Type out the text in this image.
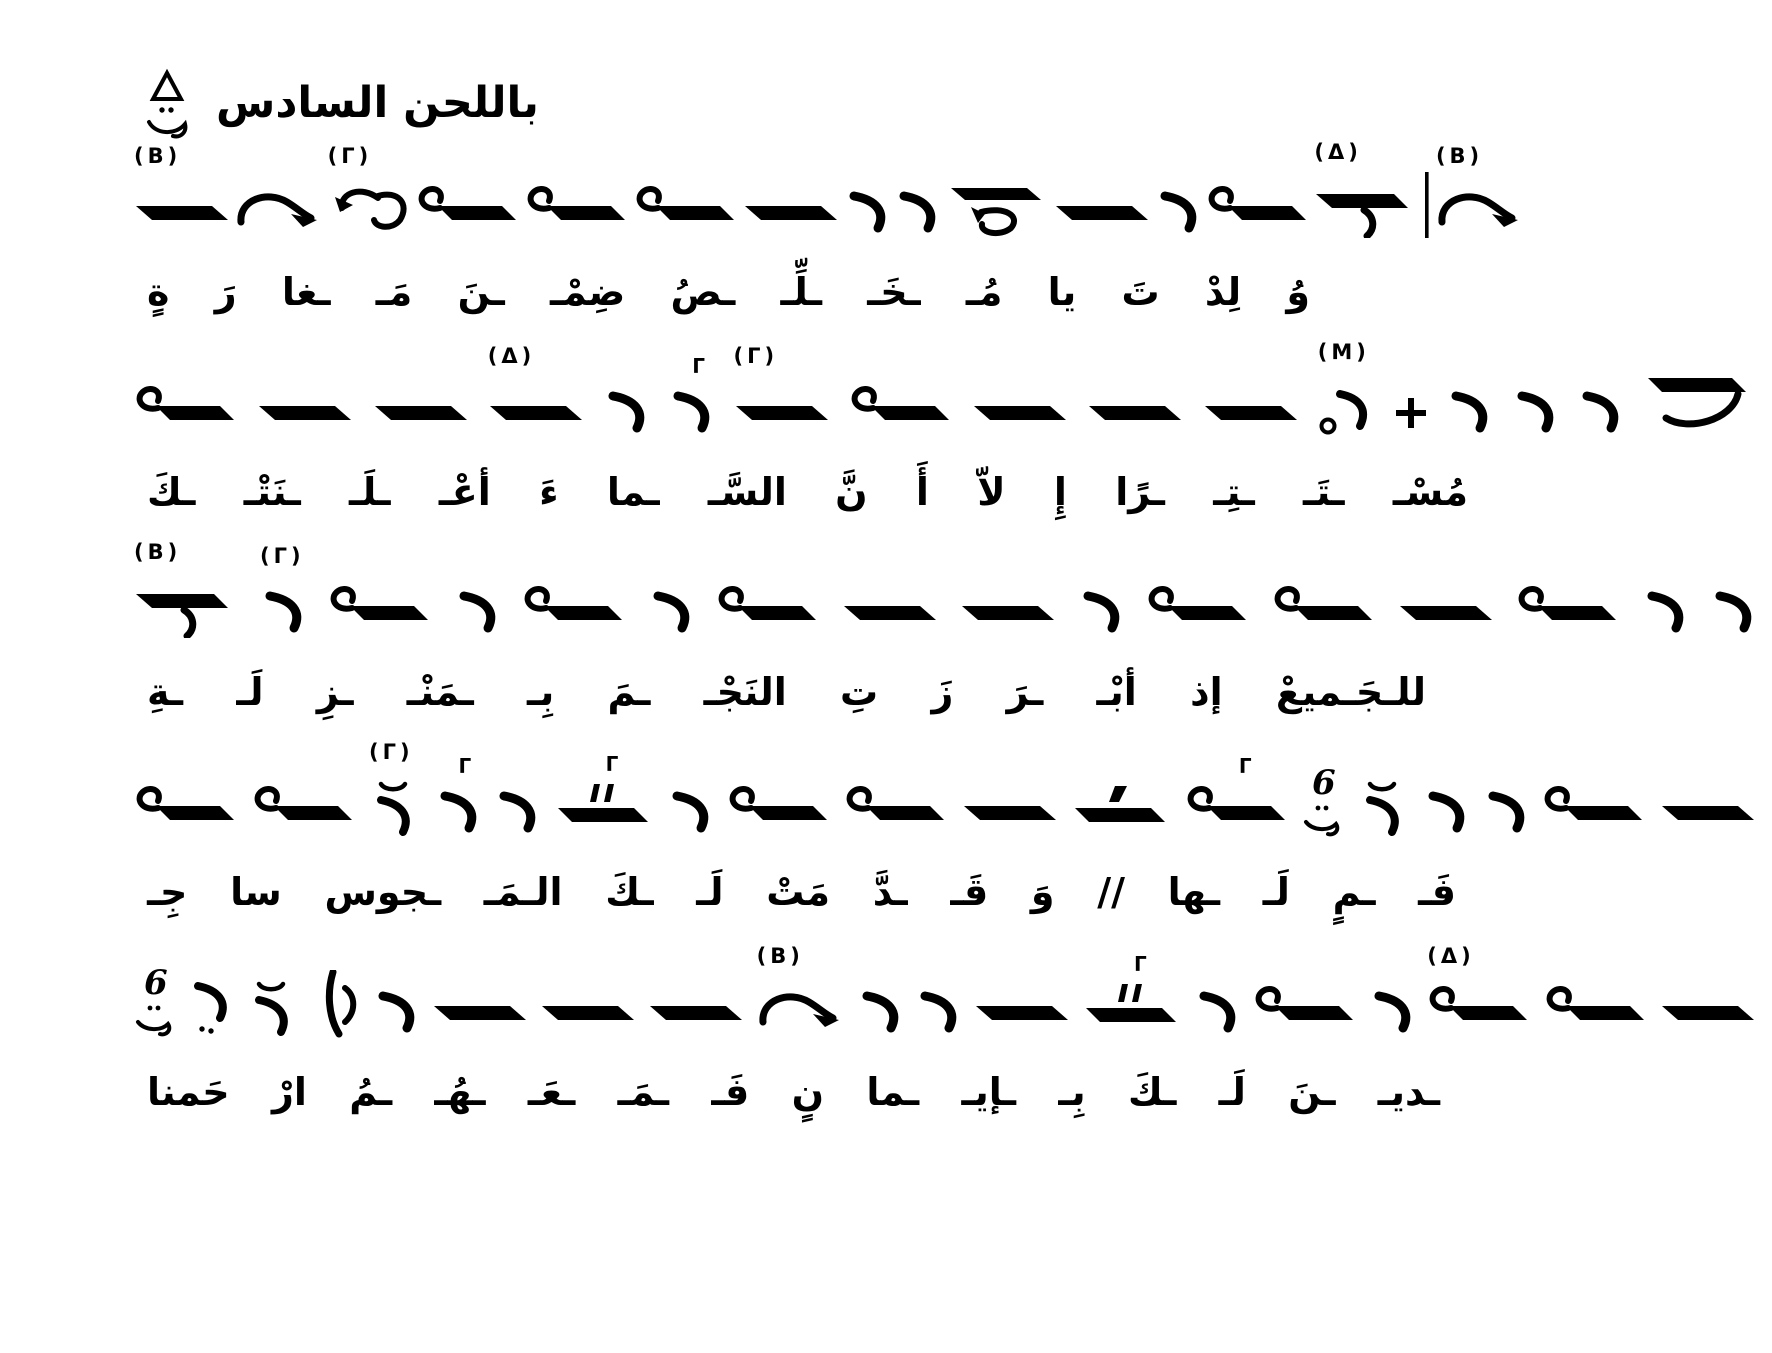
باللحن السادس
(Β)	(Γ)	(Δ)	(Β)
وُ
لِدْ
تَ
يا
مُـ
ـخَـ
ـلِّـ
ـصُ
ضِمْـ
ـنَ
مَـ
ـغا
رَ
ةٍ
(Δ)	Γ (Γ)	(Μ)
مُسْـ
ـتَـ
ـتِـ
ـرًا
إِ
لاّ
أَ
نَّ
السَّـ
ـما
ءَ
أعْـ
ـلَـ
ـنَتْـ
ـكَ
(Β)	(Γ)
للـجَـميعْ
إذ
أبْـ
ـرَ
زَ
تِ
النَجْـ
ـمَ
بِـ
ـمَنْـ
ـزِ
لَـ
ـةِ
(Γ)
Γ	Γ	Γ 6
فَـ
ـمٍ
لَـ
ـها
//
وَ
قَـ
ـدَّ
مَتْ
لَـ
ـكَ
الـمَـ
ـجوس
سا
جِـ
6
(Β)	Γ	(Δ)
ـديـ
ـنَ
لَـ
ـكَ
بِـ
ـإيـ
ـما
نٍ
فَـ
ـمَـ
ـعَـ
ـهُـ
ـمُ
ارْ
حَمنا
